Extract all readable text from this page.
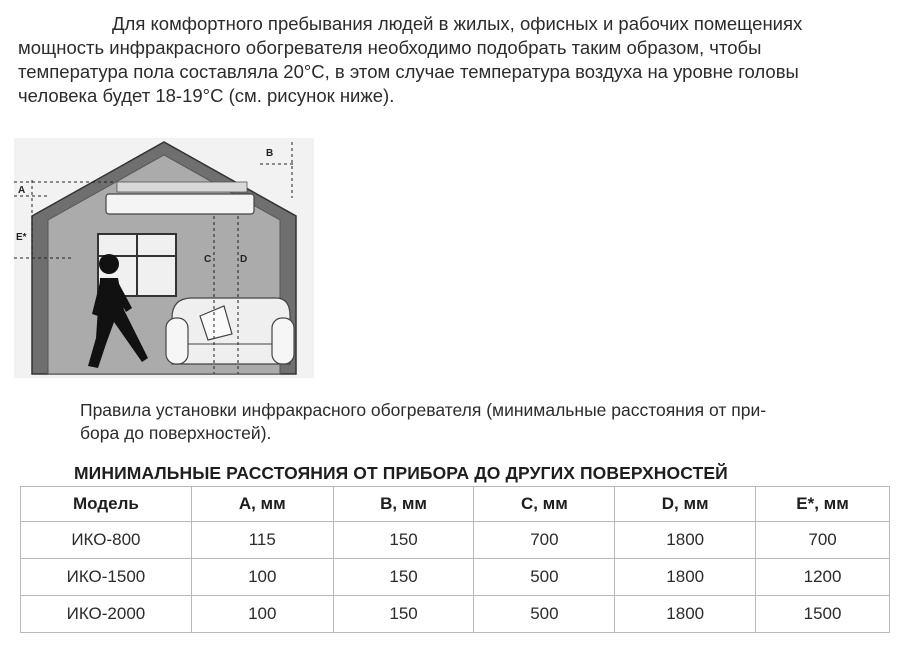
Для комфортного пребывания людей в жилых, офисных и рабочих помещениях
мощность инфракрасного обогревателя необходимо подобрать таким образом, чтобы
температура пола составляла 20°С, в этом случае температура воздуха на уровне головы
человека будет 18-19°С (см. рисунок ниже).
C	D
B
A
E*
Правила установки инфракрасного обогревателя (минимальные расстояния от при-
бора до поверхностей).
МИНИМАЛЬНЫЕ РАССТОЯНИЯ ОТ ПРИБОРА ДО ДРУГИХ ПОВЕРХНОСТЕЙ
Модель	A, мм	B, мм	C, мм	D, мм	E*, мм
ИКО-800	115	150	700	1800	700
ИКО-1500	100	150	500	1800	1200
ИКО-2000	100	150	500	1800	1500
